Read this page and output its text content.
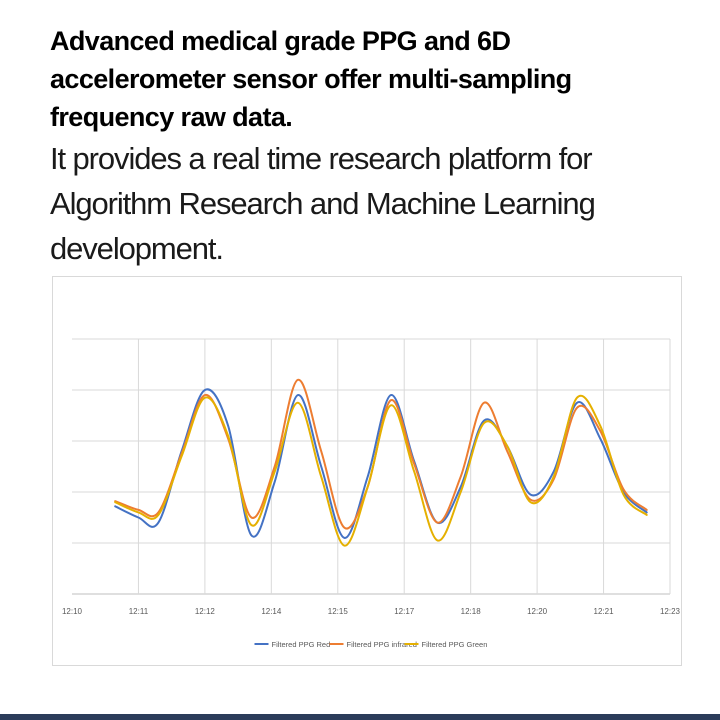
Advanced medical grade PPG and 6D accelerometer sensor offer multi-sampling frequency raw data.
It provides a real time research platform for Algorithm Research and Machine Learning development.
12:10	12:11	12:12	12:14	12:15	12:17	12:18	12:20	12:21	12:23
Filtered PPG Red Filtered PPG infrared Filtered PPG Green
